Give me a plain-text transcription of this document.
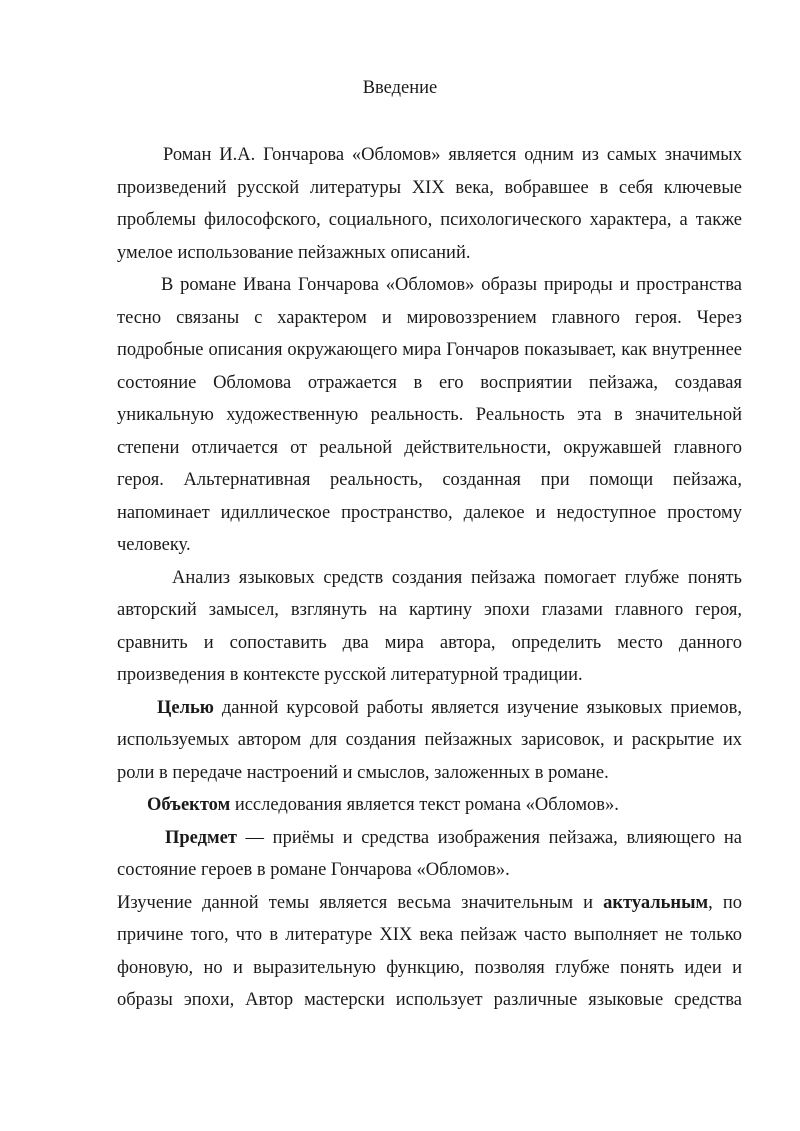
Введение

Роман И.А. Гончарова «Обломов» является одним из самых значимых произведений русской литературы XIX века, вобравшее в себя ключевые проблемы философского, социального, психологического характера, а также умелое использование пейзажных описаний.

В романе Ивана Гончарова «Обломов» образы природы и пространства тесно связаны с характером и мировоззрением главного героя. Через подробные описания окружающего мира Гончаров показывает, как внутреннее состояние Обломова отражается в его восприятии пейзажа, создавая уникальную художественную реальность. Реальность эта в значительной степени отличается от реальной действительности, окружавшей главного героя. Альтернативная реальность, созданная при помощи пейзажа, напоминает идиллическое пространство, далекое и недоступное простому человеку.

Анализ языковых средств создания пейзажа помогает глубже понять авторский замысел, взглянуть на картину эпохи глазами главного героя, сравнить и сопоставить два мира автора, определить место данного произведения в контексте русской литературной традиции.

Целью данной курсовой работы является изучение языковых приемов, используемых автором для создания пейзажных зарисовок, и раскрытие их роли в передаче настроений и смыслов, заложенных в романе.

Объектом исследования является текст романа «Обломов».

Предмет — приёмы и средства изображения пейзажа, влияющего на состояние героев в романе Гончарова «Обломов».

Изучение данной темы является весьма значительным и актуальным, по причине того, что в литературе XIX века пейзаж часто выполняет не только фоновую, но и выразительную функцию, позволяя глубже понять идеи и образы эпохи, Автор мастерски использует различные языковые средства
